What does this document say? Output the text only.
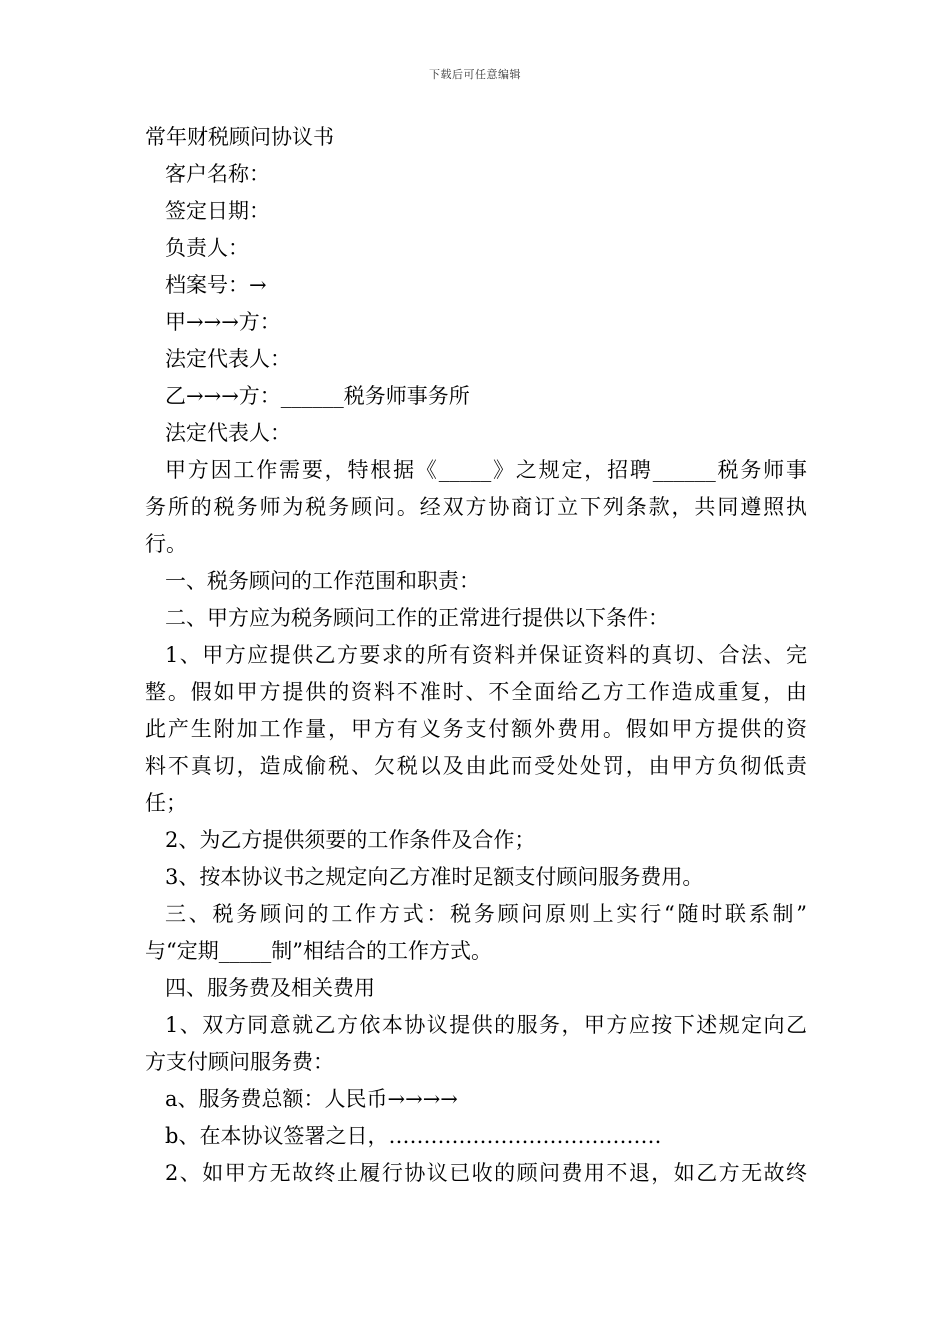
下载后可任意编辑
常年财税顾问协议书
客户名称：
签定日期：
负责人：
档案号：→
甲→→→方：
法定代表人：
乙→→→方：______税务师事务所
法定代表人：
甲方因工作需要，特根据《_____》之规定，招聘______税务师事
务所的税务师为税务顾问。经双方协商订立下列条款，共同遵照执
行。
一、税务顾问的工作范围和职责：
二、甲方应为税务顾问工作的正常进行提供以下条件：
1、甲方应提供乙方要求的所有资料并保证资料的真切、合法、完
整。假如甲方提供的资料不准时、不全面给乙方工作造成重复，由
此产生附加工作量，甲方有义务支付额外费用。假如甲方提供的资
料不真切，造成偷税、欠税以及由此而受处处罚，由甲方负彻低责
任；
2、为乙方提供须要的工作条件及合作；
3、按本协议书之规定向乙方准时足额支付顾问服务费用。
三、税务顾问的工作方式：税务顾问原则上实行“随时联系制”
与“定期_____制”相结合的工作方式。
四、服务费及相关费用
1、双方同意就乙方依本协议提供的服务，甲方应按下述规定向乙
方支付顾问服务费：
a、服务费总额：人民币→→→→
b、在本协议签署之日，…………………………………
2、如甲方无故终止履行协议已收的顾问费用不退，如乙方无故终
